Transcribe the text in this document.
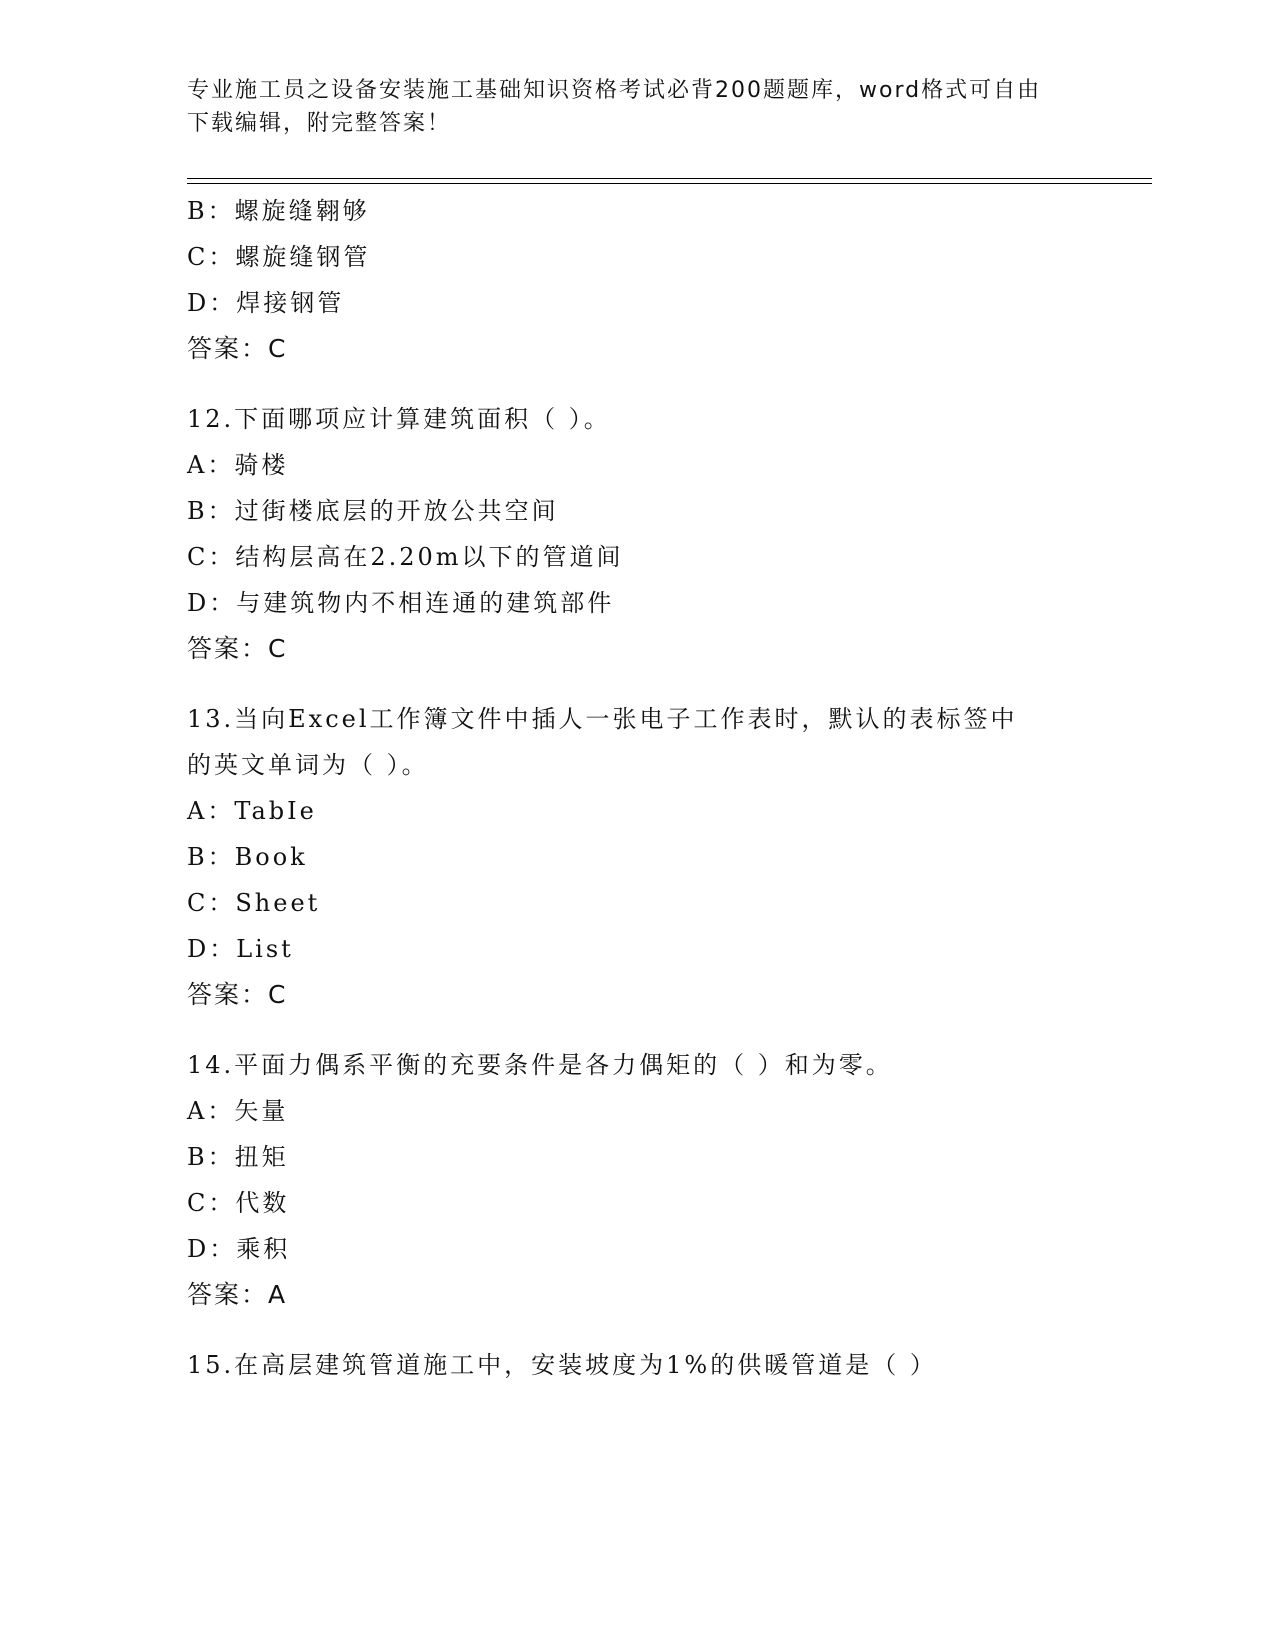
专业施工员之设备安装施工基础知识资格考试必背200题题库，word格式可自由
下载编辑，附完整答案！
B：螺旋缝翱够
C：螺旋缝钢管
D：焊接钢管
答案：C
12.下面哪项应计算建筑面积（ ）。
A：骑楼
B：过街楼底层的开放公共空间
C：结构层高在2.20m以下的管道间
D：与建筑物内不相连通的建筑部件
答案：C
13.当向Excel工作簿文件中插人一张电子工作表时，默认的表标签中
的英文单词为（ ）。
A：TabIe
B：Book
C：Sheet
D：List
答案：C
14.平面力偶系平衡的充要条件是各力偶矩的（ ）和为零。
A：矢量
B：扭矩
C：代数
D：乘积
答案：A
15.在高层建筑管道施工中，安装坡度为1%的供暖管道是（ ）
